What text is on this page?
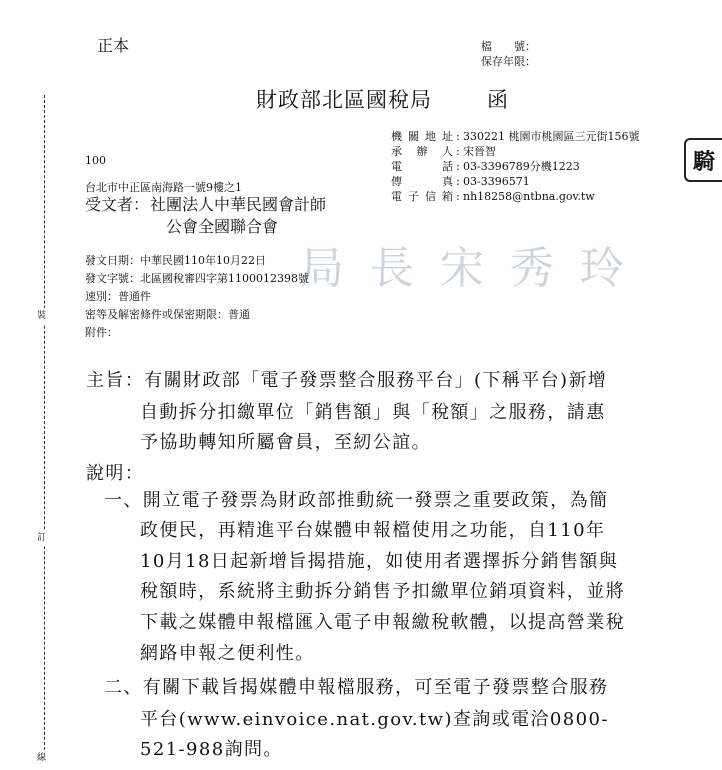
裝
訂
線
正本	檔　　號：
保存年限：
財政部北區國稅局	函
機關地址 : 330221 桃園市桃園區三元街156號
承 辦 人 : 宋晉智
電　　話 : 03-3396789分機1223
傳　　真 : 03-3396571
電子信箱 : nh18258@ntbna.gov.tw
騎
100
台北市中正區南海路一號9樓之1
受文者： 社團法人中華民國會計師
公會全國聯合會
局長宋秀玲
發文日期：中華民國110年10月22日
發文字號：北區國稅審四字第1100012398號
速別：普通件
密等及解密條件或保密期限：普通
附件：
主旨：有關財政部「電子發票整合服務平台」(下稱平台)新增
自動拆分扣繳單位「銷售額」與「稅額」之服務，請惠
予協助轉知所屬會員，至紉公誼。
說明：
一、開立電子發票為財政部推動統一發票之重要政策，為簡
政便民，再精進平台媒體申報檔使用之功能，自110年
10月18日起新增旨揭措施，如使用者選擇拆分銷售額與
稅額時，系統將主動拆分銷售予扣繳單位銷項資料，並將
下載之媒體申報檔匯入電子申報繳稅軟體，以提高營業稅
網路申報之便利性。
二、有關下載旨揭媒體申報檔服務，可至電子發票整合服務
平台(www.einvoice.nat.gov.tw)查詢或電洽0800-
521-988詢問。
